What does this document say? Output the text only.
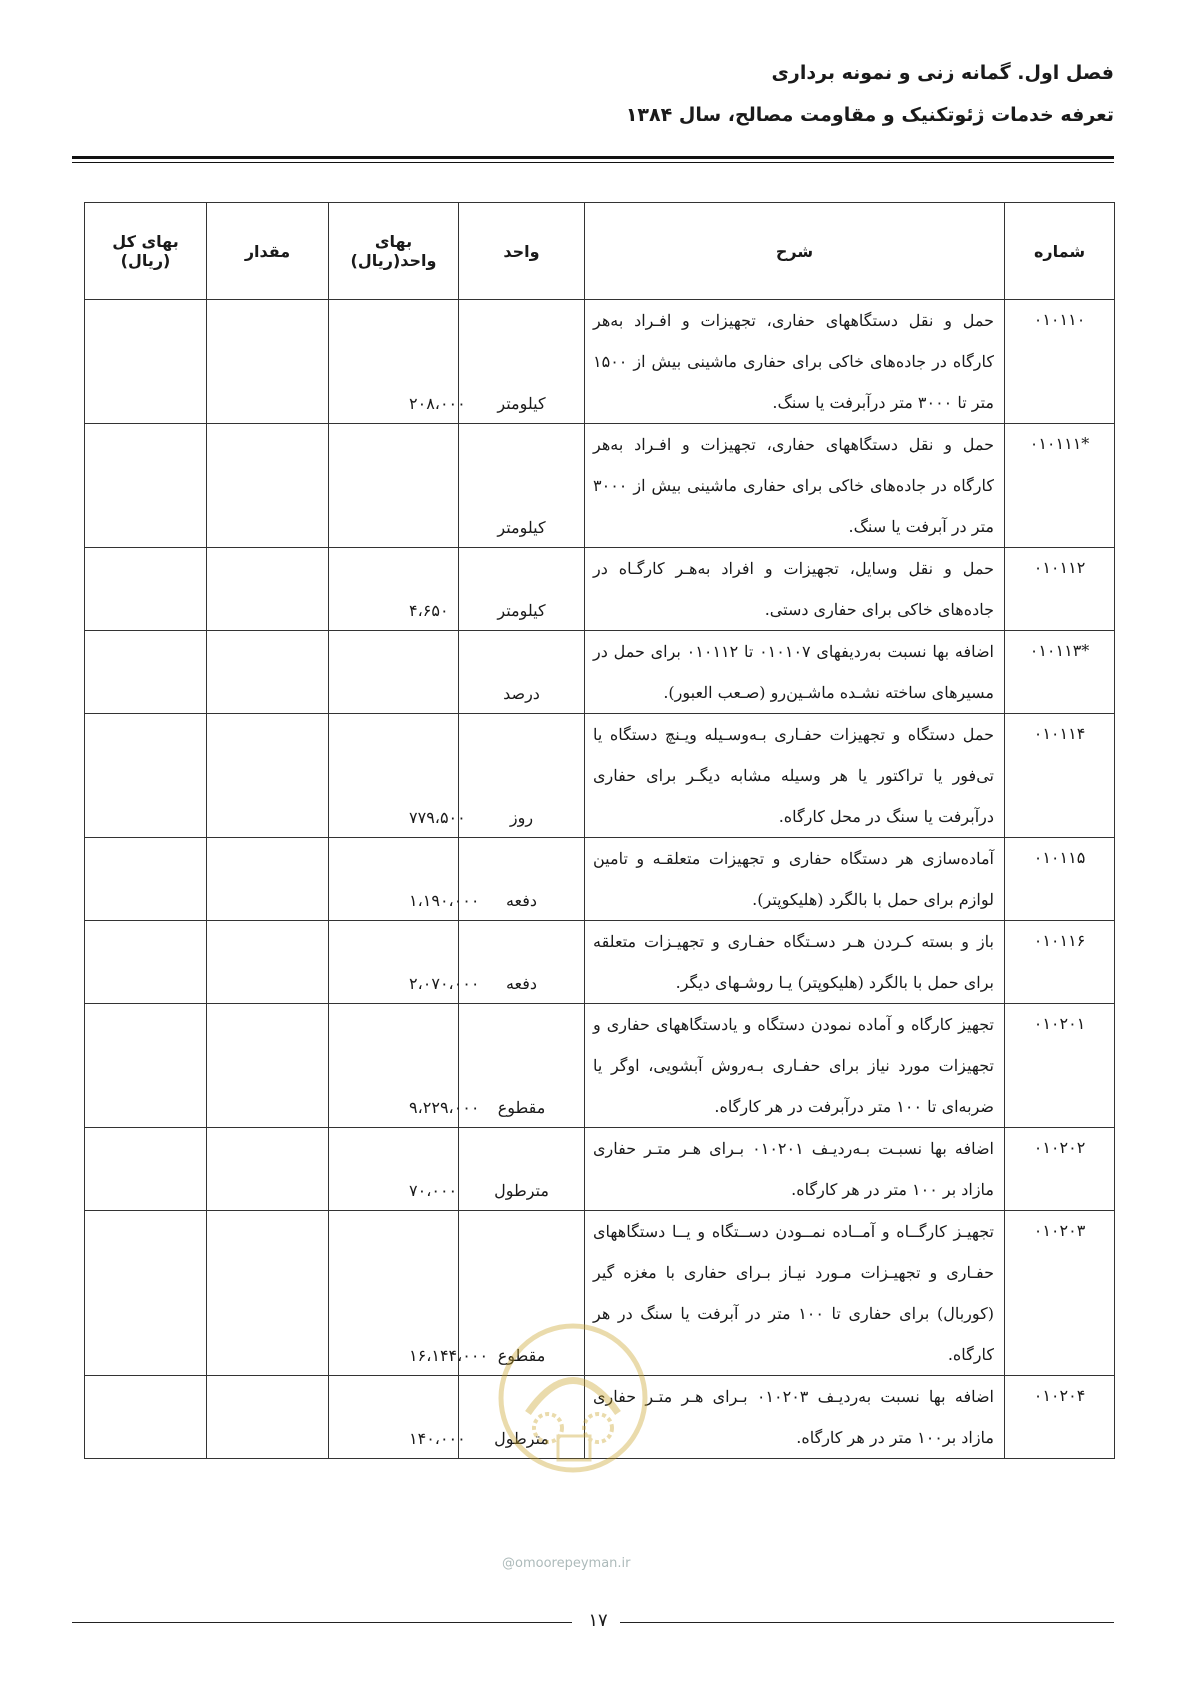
فصل اول. گمانه زنی و نمونه برداری
تعرفه خدمات ژئوتکنیک و مقاومت مصالح، سال ۱۳۸۴
شماره	شرح	واحد	بهای واحد(ریال)	مقدار	بهای کل (ریال)
۰۱۰۱۱۰	حمل و نقل دستگاههای حفاری، تجهیزات و افـراد به‌هر کارگاه در جاده‌های خاکی برای حفاری ماشینی بیش از ۱۵۰۰ متر تا ۳۰۰۰ متر درآبرفت یا سنگ.	کیلومتر	۲۰۸،۰۰۰		
۰۱۰۱۱۱*	حمل و نقل دستگاههای حفاری، تجهیزات و افـراد به‌هر کارگاه در جاده‌های خاکی برای حفاری ماشینی بیش از ۳۰۰۰ متر در آبرفت یا سنگ.	کیلومتر			
۰۱۰۱۱۲	حمل و نقل وسایل، تجهیزات و افراد به‌هـر کارگـاه در جاده‌های خاکی برای حفاری دستی.	کیلومتر	۴،۶۵۰		
۰۱۰۱۱۳*	اضافه بها نسبت به‌ردیفهای ۰۱۰۱۰۷ تا ۰۱۰۱۱۲ برای حمل در مسیرهای ساخته نشـده ماشـین‌رو (صـعب العبور).	درصد			
۰۱۰۱۱۴	حمل دستگاه و تجهیزات حفـاری بـه‌وسـیله ویـنچ دستگاه یا تی‌فور یا تراکتور یا هر وسیله مشابه دیگـر برای حفاری درآبرفت یا سنگ در محل کارگاه.	روز	۷۷۹،۵۰۰		
۰۱۰۱۱۵	آماده‌سازی هر دستگاه حفاری و تجهیزات متعلقـه و تامین لوازم برای حمل با بالگرد (هلیکوپتر).	دفعه	۱،۱۹۰،۰۰۰		
۰۱۰۱۱۶	باز و بسته کـردن هـر دسـتگاه حفـاری و تجهیـزات متعلقه برای حمل با بالگرد (هلیکوپتر) یـا روشـهای دیگر.	دفعه	۲،۰۷۰،۰۰۰		
۰۱۰۲۰۱	تجهیز کارگاه و آماده نمودن دستگاه و یادستگاههای حفاری و تجهیزات مورد نیاز برای حفـاری بـه‌روش آبشویی، اوگر یا ضربه‌ای تا ۱۰۰ متر درآبرفت در هر کارگاه.	مقطوع	۹،۲۲۹،۰۰۰		
۰۱۰۲۰۲	اضافه بها نسبـت بـه‌ردیـف ۰۱۰۲۰۱ بـرای هـر متـر حفاری مازاد بر ۱۰۰ متر در هر کارگاه.	مترطول	۷۰،۰۰۰		
۰۱۰۲۰۳	تجهیـز کارگــاه و آمــاده نمــودن دســتگاه و یــا دستگاههای حفـاری و تجهیـزات مـورد نیـاز بـرای حفاری با مغزه گیر (کوربال) برای حفاری تا ۱۰۰ متر در آبرفت یا سنگ در هر کارگاه.	مقطوع	۱۶،۱۴۴،۰۰۰		
۰۱۰۲۰۴	اضافه بها نسبت به‌ردیـف ۰۱۰۲۰۳ بـرای هـر متـر حفاری مازاد بر۱۰۰ متر در هر کارگاه.	مترطول	۱۴۰،۰۰۰		
@omoorepeyman.ir
۱۷
